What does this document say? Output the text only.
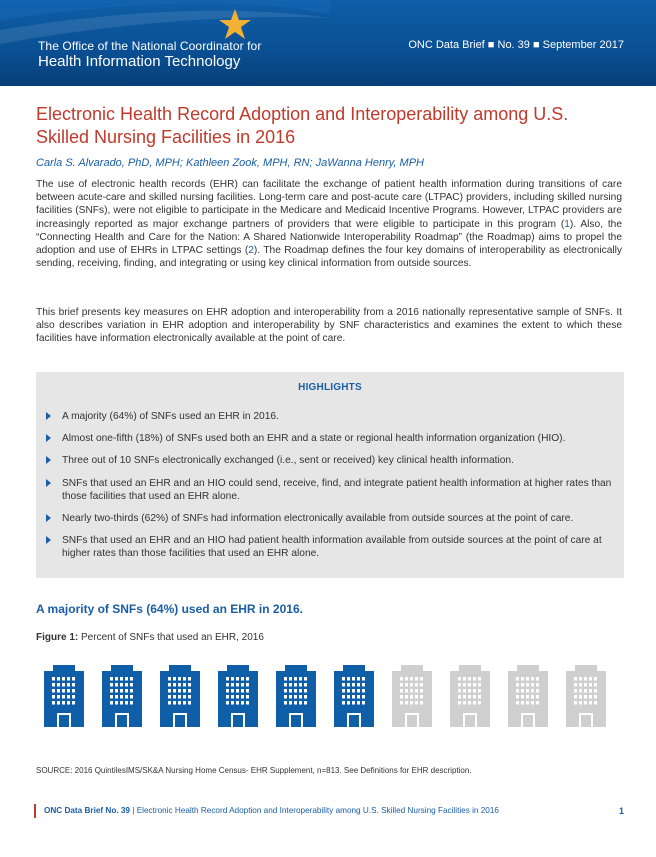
The Office of the National Coordinator for
Health Information Technology
ONC Data Brief ■ No. 39 ■ September 2017
Electronic Health Record Adoption and Interoperability among U.S. Skilled Nursing Facilities in 2016
Carla S. Alvarado, PhD, MPH; Kathleen Zook, MPH, RN; JaWanna Henry, MPH
The use of electronic health records (EHR) can facilitate the exchange of patient health information during transitions of care between acute-care and skilled nursing facilities. Long-term care and post-acute care (LTPAC) providers, including skilled nursing facilities (SNFs), were not eligible to participate in the Medicare and Medicaid Incentive Programs. However, LTPAC providers are increasingly reported as major exchange partners of providers that were eligible to participate in this program (1). Also, the “Connecting Health and Care for the Nation: A Shared Nationwide Interoperability Roadmap” (the Roadmap) aims to propel the adoption and use of EHRs in LTPAC settings (2). The Roadmap defines the four key domains of interoperability as electronically sending, receiving, finding, and integrating or using key clinical information from outside sources.
This brief presents key measures on EHR adoption and interoperability from a 2016 nationally representative sample of SNFs. It also describes variation in EHR adoption and interoperability by SNF characteristics and examines the extent to which these facilities have information electronically available at the point of care.
HIGHLIGHTS
A majority (64%) of SNFs used an EHR in 2016.
Almost one-fifth (18%) of SNFs used both an EHR and a state or regional health information organization (HIO).
Three out of 10 SNFs electronically exchanged (i.e., sent or received) key clinical health information.
SNFs that used an EHR and an HIO could send, receive, find, and integrate patient health information at higher rates than those facilities that used an EHR alone.
Nearly two-thirds (62%) of SNFs had information electronically available from outside sources at the point of care.
SNFs that used an EHR and an HIO had patient health information available from outside sources at the point of care at higher rates than those facilities that used an EHR alone.
A majority of SNFs (64%) used an EHR in 2016.
Figure 1: Percent of SNFs that used an EHR, 2016
SOURCE: 2016 QuintilesIMS/SK&A Nursing Home Census- EHR Supplement, n=813. See Definitions for EHR description.
ONC Data Brief No. 39 | Electronic Health Record Adoption and Interoperability among U.S. Skilled Nursing Facilities in 2016	1
